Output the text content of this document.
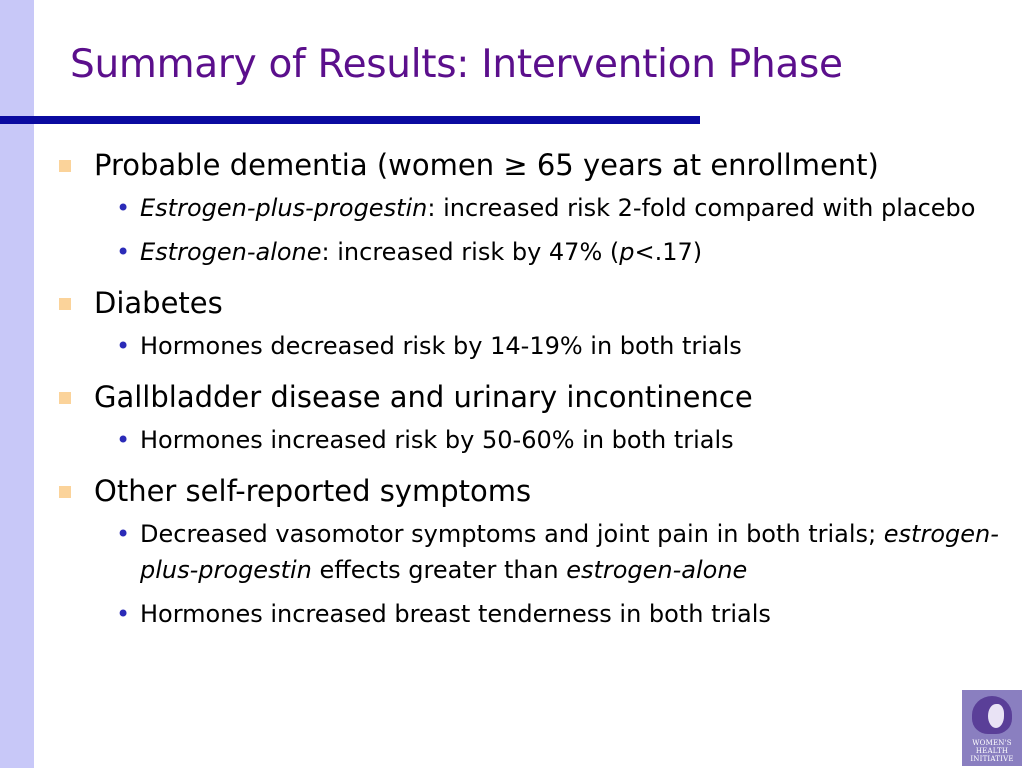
Summary of Results: Intervention Phase
Probable dementia (women ≥ 65 years at enrollment)
• Estrogen-plus-progestin: increased risk 2-fold compared with placebo
• Estrogen-alone: increased risk by 47% (p<.17)
Diabetes
• Hormones decreased risk by 14-19% in both trials
Gallbladder disease and urinary incontinence
• Hormones increased risk by 50-60% in both trials
Other self-reported symptoms
• Decreased vasomotor symptoms and joint pain in both trials; estrogen-plus-progestin effects greater than estrogen-alone
• Hormones increased breast tenderness in both trials
WOMEN'S
HEALTH
INITIATIVE
